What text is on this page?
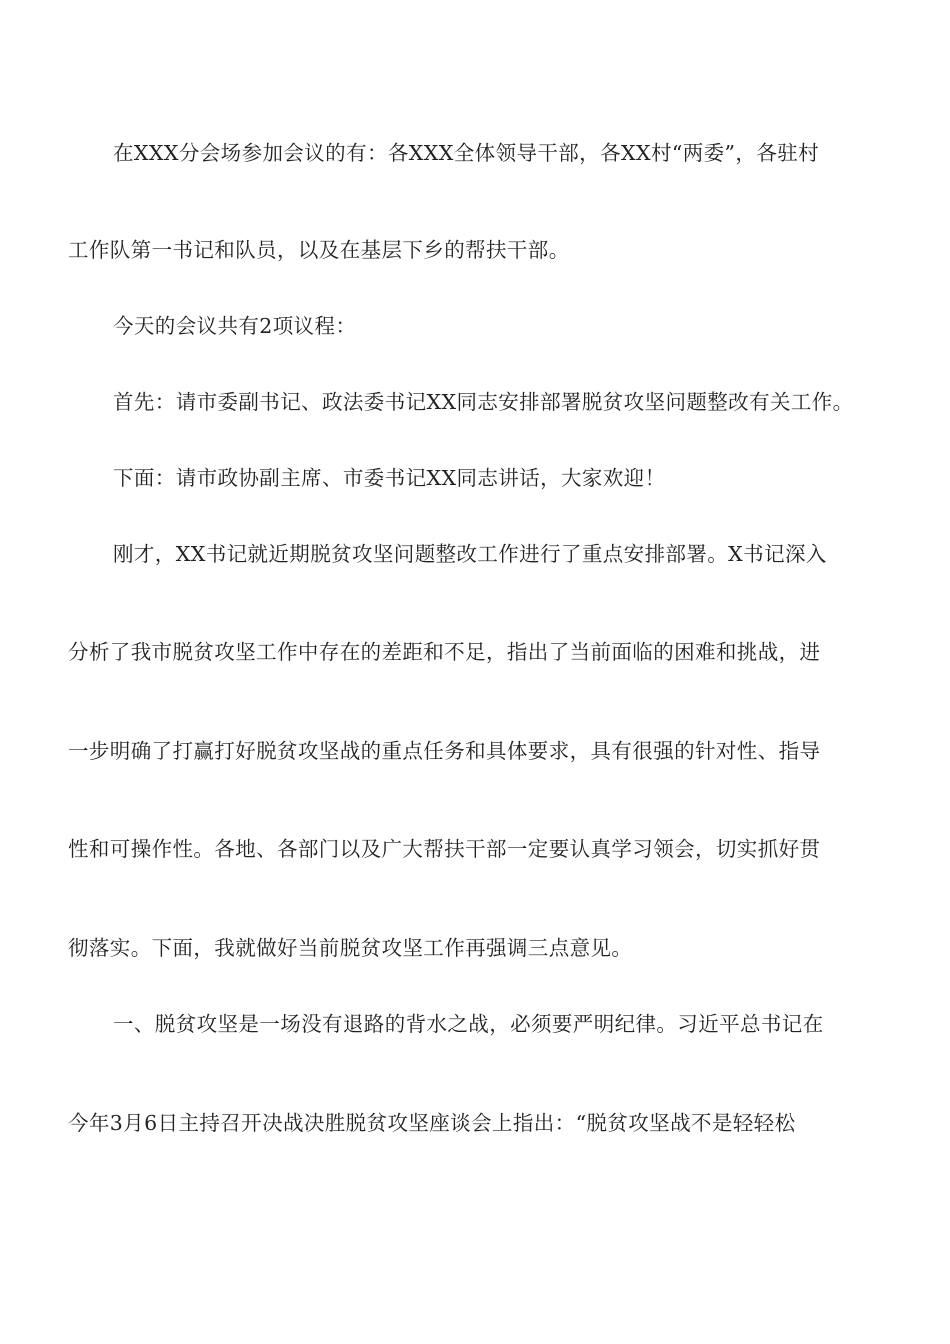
在XXX分会场参加会议的有：各XXX全体领导干部，各XX村“两委”，各驻村
工作队第一书记和队员，以及在基层下乡的帮扶干部。
今天的会议共有2项议程：
首先：请市委副书记、政法委书记XX同志安排部署脱贫攻坚问题整改有关工作。
下面：请市政协副主席、市委书记XX同志讲话，大家欢迎！
刚才，XX书记就近期脱贫攻坚问题整改工作进行了重点安排部署。X书记深入
分析了我市脱贫攻坚工作中存在的差距和不足，指出了当前面临的困难和挑战，进
一步明确了打赢打好脱贫攻坚战的重点任务和具体要求，具有很强的针对性、指导
性和可操作性。各地、各部门以及广大帮扶干部一定要认真学习领会，切实抓好贯
彻落实。下面，我就做好当前脱贫攻坚工作再强调三点意见。
一、脱贫攻坚是一场没有退路的背水之战，必须要严明纪律。习近平总书记在
今年3月6日主持召开决战决胜脱贫攻坚座谈会上指出：“脱贫攻坚战不是轻轻松
